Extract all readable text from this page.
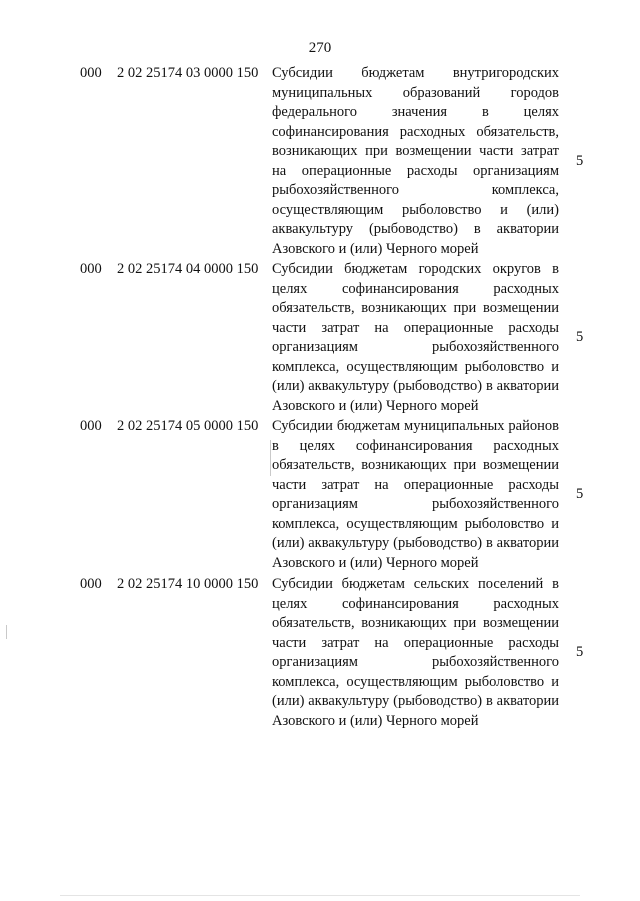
270
000 2 02 25174 03 0000 150 Субсидии бюджетам внутригородских муниципальных образований городов федерального значения в целях софинансирования расходных обязательств, возникающих при возмещении части затрат на операционные расходы организациям рыбохозяйственного комплекса, осуществляющим рыболовство и (или) аквакультуру (рыбоводство) в акватории Азовского и (или) Черного морей
5
000 2 02 25174 04 0000 150 Субсидии бюджетам городских округов в целях софинансирования расходных обязательств, возникающих при возмещении части затрат на операционные расходы организациям рыбохозяйственного комплекса, осуществляющим рыболовство и (или) аквакультуру (рыбоводство) в акватории Азовского и (или) Черного морей
5
000 2 02 25174 05 0000 150 Субсидии бюджетам муниципальных районов в целях софинансирования расходных обязательств, возникающих при возмещении части затрат на операционные расходы организациям рыбохозяйственного комплекса, осуществляющим рыболовство и (или) аквакультуру (рыбоводство) в акватории Азовского и (или) Черного морей
5
000 2 02 25174 10 0000 150 Субсидии бюджетам сельских поселений в целях софинансирования расходных обязательств, возникающих при возмещении части затрат на операционные расходы организациям рыбохозяйственного комплекса, осуществляющим рыболовство и (или) аквакультуру (рыбоводство) в акватории Азовского и (или) Черного морей
5
